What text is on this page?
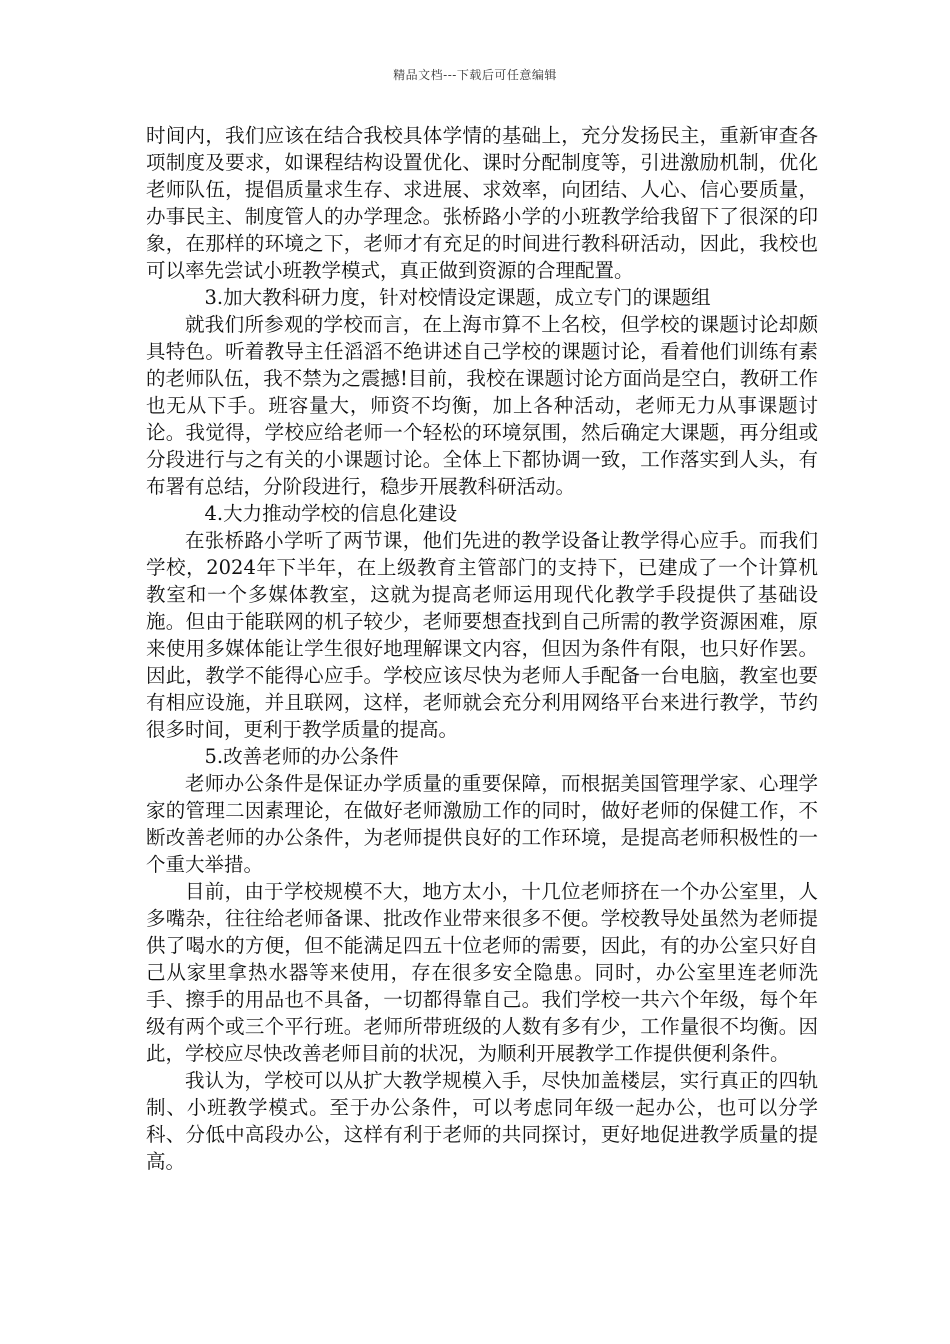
精品文档---下载后可任意编辑

时间内，我们应该在结合我校具体学情的基础上，充分发扬民主，重新审查各项制度及要求，如课程结构设置优化、课时分配制度等，引进激励机制，优化老师队伍，提倡质量求生存、求进展、求效率，向团结、人心、信心要质量，办事民主、制度管人的办学理念。张桥路小学的小班教学给我留下了很深的印象，在那样的环境之下，老师才有充足的时间进行教科研活动，因此，我校也可以率先尝试小班教学模式，真正做到资源的合理配置。

3.加大教科研力度，针对校情设定课题，成立专门的课题组

就我们所参观的学校而言，在上海市算不上名校，但学校的课题讨论却颇具特色。听着教导主任滔滔不绝讲述自己学校的课题讨论，看着他们训练有素的老师队伍，我不禁为之震撼!目前，我校在课题讨论方面尚是空白，教研工作也无从下手。班容量大，师资不均衡，加上各种活动，老师无力从事课题讨论。我觉得，学校应给老师一个轻松的环境氛围，然后确定大课题，再分组或分段进行与之有关的小课题讨论。全体上下都协调一致，工作落实到人头，有布署有总结，分阶段进行，稳步开展教科研活动。

4.大力推动学校的信息化建设

在张桥路小学听了两节课，他们先进的教学设备让教学得心应手。而我们学校，2024年下半年，在上级教育主管部门的支持下，已建成了一个计算机教室和一个多媒体教室，这就为提高老师运用现代化教学手段提供了基础设施。但由于能联网的机子较少，老师要想查找到自己所需的教学资源困难，原来使用多媒体能让学生很好地理解课文内容，但因为条件有限，也只好作罢。因此，教学不能得心应手。学校应该尽快为老师人手配备一台电脑，教室也要有相应设施，并且联网，这样，老师就会充分利用网络平台来进行教学，节约很多时间，更利于教学质量的提高。

5.改善老师的办公条件

老师办公条件是保证办学质量的重要保障，而根据美国管理学家、心理学家的管理二因素理论，在做好老师激励工作的同时，做好老师的保健工作，不断改善老师的办公条件，为老师提供良好的工作环境，是提高老师积极性的一个重大举措。

目前，由于学校规模不大，地方太小，十几位老师挤在一个办公室里，人多嘴杂，往往给老师备课、批改作业带来很多不便。学校教导处虽然为老师提供了喝水的方便，但不能满足四五十位老师的需要，因此，有的办公室只好自己从家里拿热水器等来使用，存在很多安全隐患。同时，办公室里连老师洗手、擦手的用品也不具备，一切都得靠自己。我们学校一共六个年级，每个年级有两个或三个平行班。老师所带班级的人数有多有少，工作量很不均衡。因此，学校应尽快改善老师目前的状况，为顺利开展教学工作提供便利条件。

我认为，学校可以从扩大教学规模入手，尽快加盖楼层，实行真正的四轨制、小班教学模式。至于办公条件，可以考虑同年级一起办公，也可以分学科、分低中高段办公，这样有利于老师的共同探讨，更好地促进教学质量的提高。
